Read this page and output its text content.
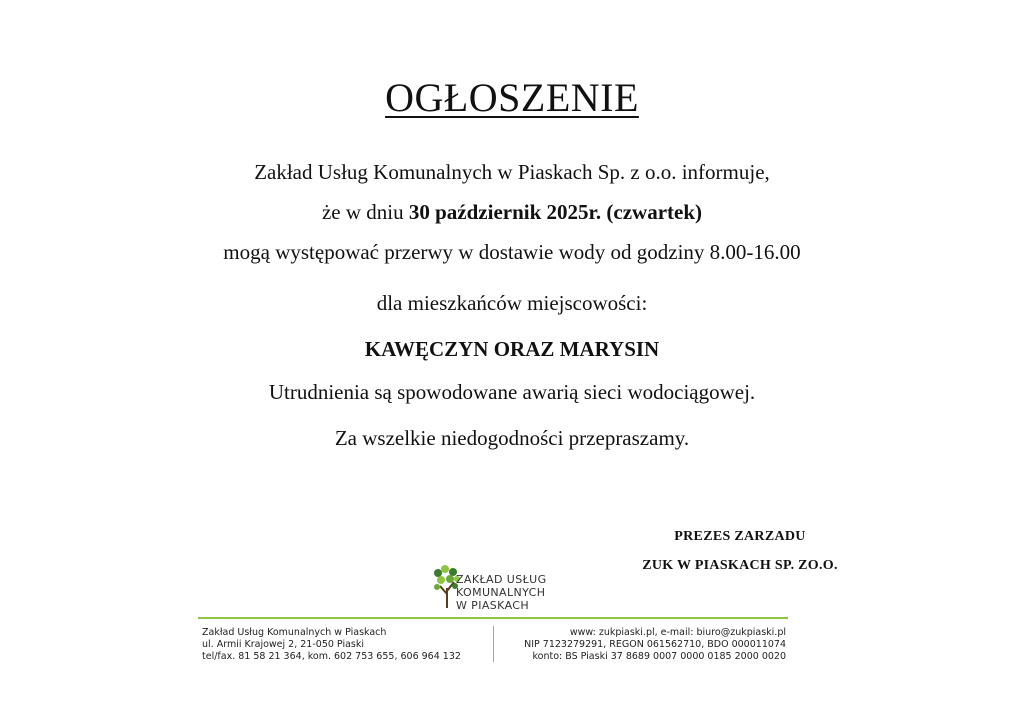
OGŁOSZENIE
Zakład Usług Komunalnych w Piaskach Sp. z o.o. informuje,
że w dniu 30 październik 2025r. (czwartek)
mogą występować przerwy w dostawie wody od godziny 8.00-16.00
dla mieszkańców miejscowości:
KAWĘCZYN ORAZ MARYSIN
Utrudnienia są spowodowane awarią sieci wodociągowej.
Za wszelkie niedogodności przepraszamy.
PREZES ZARZADU
ZUK W PIASKACH SP. ZO.O.
ZAKŁAD USŁUG
KOMUNALNYCH
W PIASKACH
Zakład Usług Komunalnych w Piaskach
ul. Armii Krajowej 2, 21-050 Piaski
tel/fax. 81 58 21 364, kom. 602 753 655, 606 964 132
www: zukpiaski.pl, e-mail: biuro@zukpiaski.pl
NIP 7123279291, REGON 061562710, BDO 000011074
konto: BS Piaski 37 8689 0007 0000 0185 2000 0020
